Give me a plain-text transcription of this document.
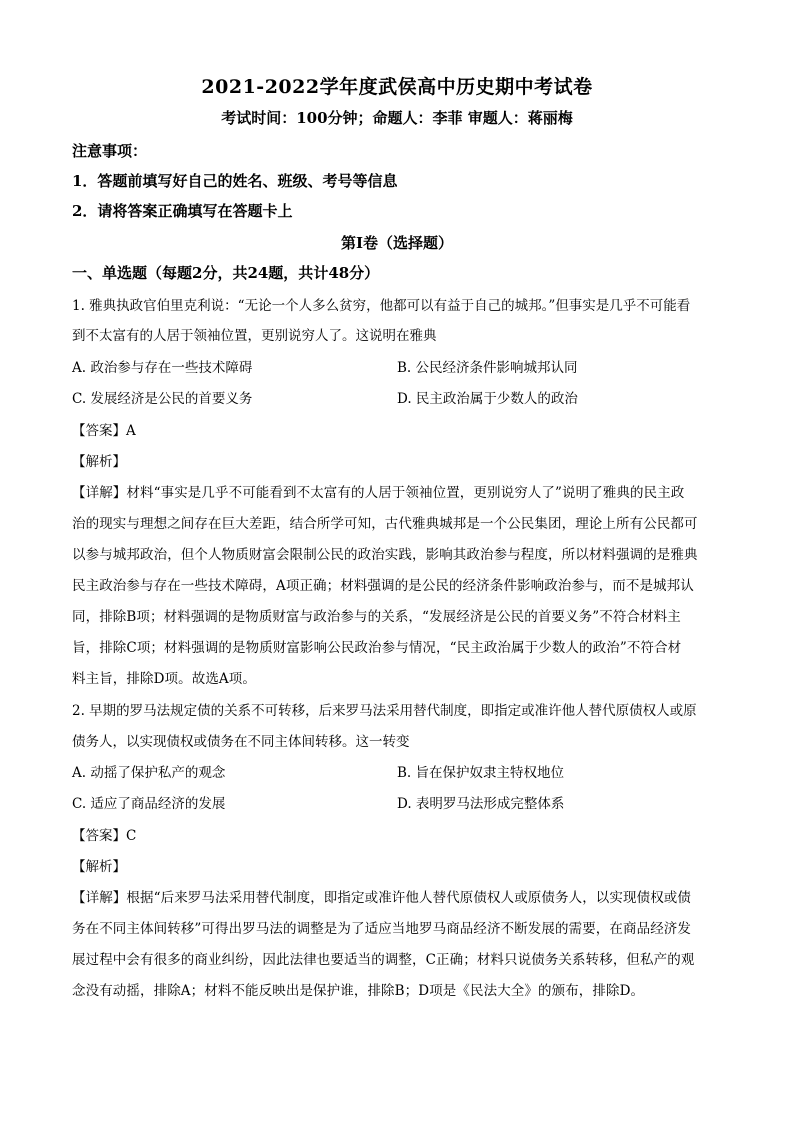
2021-2022学年度武侯高中历史期中考试卷
考试时间：100分钟；命题人：李菲 审题人：蒋丽梅
注意事项：
1．答题前填写好自己的姓名、班级、考号等信息
2．请将答案正确填写在答题卡上
第I卷（选择题）
一、单选题（每题2分，共24题，共计48分）
1. 雅典执政官伯里克利说：“无论一个人多么贫穷，他都可以有益于自己的城邦。”但事实是几乎不可能看
到不太富有的人居于领袖位置，更别说穷人了。这说明在雅典
A. 政治参与存在一些技术障碍	B. 公民经济条件影响城邦认同
C. 发展经济是公民的首要义务	D. 民主政治属于少数人的政治
【答案】A
【解析】
【详解】材料“事实是几乎不可能看到不太富有的人居于领袖位置，更别说穷人了”说明了雅典的民主政
治的现实与理想之间存在巨大差距，结合所学可知，古代雅典城邦是一个公民集团，理论上所有公民都可
以参与城邦政治，但个人物质财富会限制公民的政治实践，影响其政治参与程度，所以材料强调的是雅典
民主政治参与存在一些技术障碍，A项正确；材料强调的是公民的经济条件影响政治参与，而不是城邦认
同，排除B项；材料强调的是物质财富与政治参与的关系，“发展经济是公民的首要义务”不符合材料主
旨，排除C项；材料强调的是物质财富影响公民政治参与情况，“民主政治属于少数人的政治”不符合材
料主旨，排除D项。故选A项。
2. 早期的罗马法规定债的关系不可转移，后来罗马法采用替代制度，即指定或准许他人替代原债权人或原
债务人，以实现债权或债务在不同主体间转移。这一转变
A. 动摇了保护私产的观念	B. 旨在保护奴隶主特权地位
C. 适应了商品经济的发展	D. 表明罗马法形成完整体系
【答案】C
【解析】
【详解】根据“后来罗马法采用替代制度，即指定或准许他人替代原债权人或原债务人，以实现债权或债
务在不同主体间转移”可得出罗马法的调整是为了适应当地罗马商品经济不断发展的需要，在商品经济发
展过程中会有很多的商业纠纷，因此法律也要适当的调整，C正确；材料只说债务关系转移，但私产的观
念没有动摇，排除A；材料不能反映出是保护谁，排除B；D项是《民法大全》的颁布，排除D。
